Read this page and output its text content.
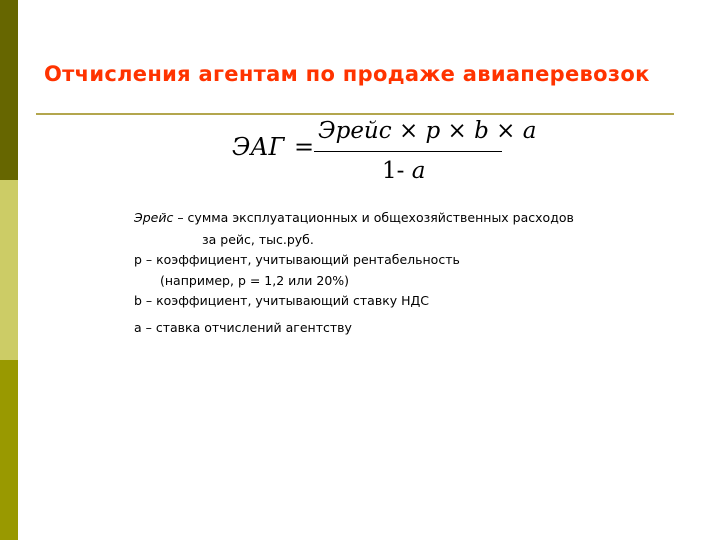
Отчисления агентам по продаже авиаперевозок
ЭАГ =
Эрейс × p × b × a
1- a
Эрейс – сумма эксплуатационных и общехозяйственных расходов
за рейс, тыс.руб.
р – коэффициент, учитывающий рентабельность
(например, р = 1,2 или 20%)
b – коэффициент, учитывающий ставку НДС
а – ставка отчислений агентству
